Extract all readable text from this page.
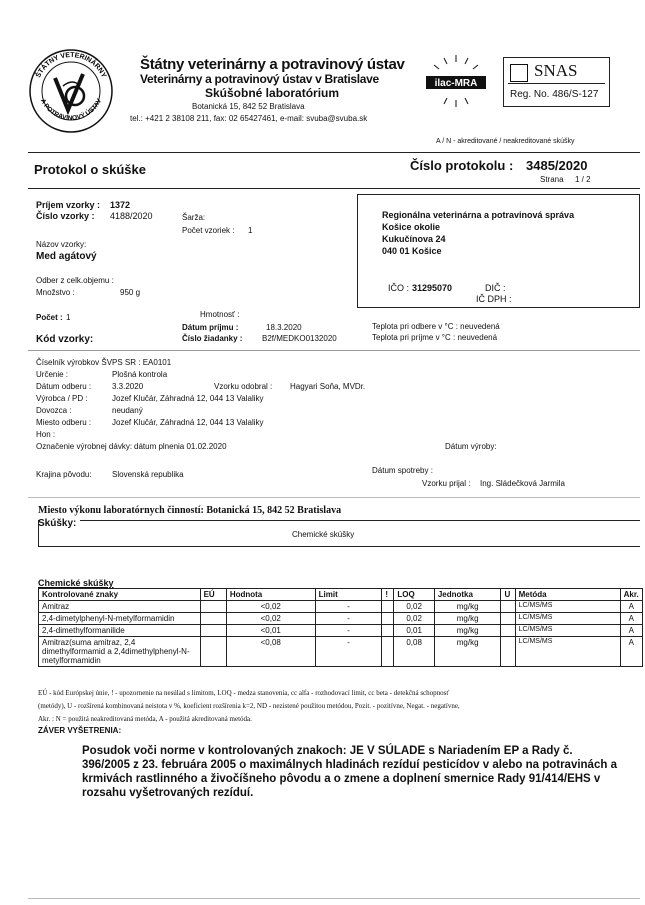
ŠTÁTNY VETERINÁRNY
A POTRAVINOVÝ ÚSTAV
Štátny veterinárny a potravinový ústav
Veterinárny a potravinový ústav v Bratislave
Skúšobné laboratórium
Botanická 15, 842 52 Bratislava
tel.: +421 2 38108 211, fax: 02 65427461, e-mail: svuba@svuba.sk
ilac-MRA
SNAS
Reg. No. 486/S-127
A / N - akreditované / neakreditované skúšky
Protokol o skúške	Číslo protokolu : 3485/2020
Strana 1 / 2
Príjem vzorky : 1372
Číslo vzorky : 4188/2020	Šarža:
Počet vzoriek : 1
Názov vzorky:
Med agátový
Odber z celk.objemu :
Množstvo :	950 g
Regionálna veterinárna a potravinová správa
Košice okolie
Kukučínova 24
040 01 Košice
IČO : 31295070	DIČ :
IČ DPH :
Počet : 1	Hmotnosť :
Dátum príjmu :	18.3.2020
Kód vzorky:	Číslo žiadanky : B2f/MEDKO0132020
Teplota pri odbere v °C : neuvedená
Teplota pri príjme v °C : neuvedená
Číselník výrobkov ŠVPS SR : EA0101
Určenie :	Plošná kontrola
Dátum odberu :	3.3.2020	Vzorku odobral : Hagyari Soňa, MVDr.
Výrobca / PD :	Jozef Klučár, Záhradná 12, 044 13 Valaliky
Dovozca :	neudaný
Miesto odberu :	Jozef Klučár, Záhradná 12, 044 13 Valaliky
Hon :
Označenie výrobnej dávky: dátum plnenia 01.02.2020	Dátum výroby:
Krajina pôvodu:	Slovenská republika	Dátum spotreby :
Vzorku prijal : Ing. Sládečková Jarmila
Miesto výkonu laboratórnych činností: Botanická 15, 842 52 Bratislava
Skúšky:
Chemické skúšky
Chemické skúšky
Kontrolované znaky	EÚ	Hodnota	Limit	!	LOQ	Jednotka	U	Metóda	Akr.
Amitraz		<0,02	-		0,02	mg/kg		LC/MS/MS	A
2,4-dimetylphenyl-N-metylformamidin		<0,02	-		0,02	mg/kg		LC/MS/MS	A
2,4-dimethylformanilide		<0,01	-		0,01	mg/kg		LC/MS/MS	A
Amitraz(suma amitraz, 2,4 dimethylformamid a 2,4dimethylphenyl-N-metylformamidin		<0,08	-		0,08	mg/kg		LC/MS/MS	A
EÚ - kód Európskej únie, ! - upozornenie na nesúlad s limitom, LOQ - medza stanovenia, cc alfa - rozhodovací limit, cc beta - detekčná schopnosť
(metódy), U - rozšírená kombinovaná neistota v %, koeficient rozšírenia k=2, ND - nezistené použitou metódou, Pozit. - pozitívne, Negat. - negatívne,
Akr. : N = použitá neakreditovaná metóda, A - použitá akreditovaná metóda.
ZÁVER VYŠETRENIA:
Posudok voči norme v kontrolovaných znakoch: JE V SÚLADE s Nariadením EP a Rady č. 396/2005 z 23. februára 2005 o maximálnych hladinách rezíduí pesticídov v alebo na potravinách a krmivách rastlinného a živočíšneho pôvodu a o zmene a doplnení smernice Rady 91/414/EHS v rozsahu vyšetrovaných rezíduí.
